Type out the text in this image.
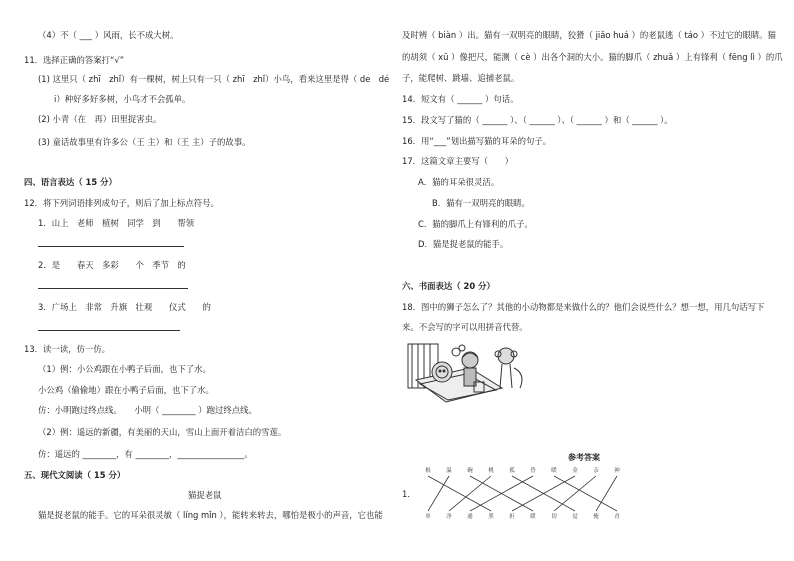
（4）不（ ___ ）风雨，长不成大树。
11．选择正确的答案打“√”
(1) 这里只（ zhī　zhǐ）有一棵树，树上只有一只（ zhī　zhǐ）小鸟，看来这里是得（ de　dé
i）种好多好多树，小鸟才不会孤单。
(2) 小青（在　再）田里捉害虫。
(3) 童话故事里有许多公（王 主）和（王 主）子的故事。
四、语言表达（ 15 分）
12．将下列词语排列成句子，则后了加上标点符号。
1．山上　老师　植树　同学　到　　帮领
2．是　　春天　多彩　　个　季节　的
3．广场上　非常　升旗　壮观　　仪式　　的
13．读一读，仿一仿。
（1）例：小公鸡跟在小鸭子后面，也下了水。
小公鸡（偷偷地）跟在小鸭子后面，也下了水。
仿：小明跑过终点线。　　小明（ ________ ）跑过终点线。
（2）例：遥远的新疆，有美丽的天山，雪山上面开着洁白的雪莲。
仿：遥远的 ________，有 ________，________________。
五、现代文阅读（ 15 分）
猫捉老鼠
猫是捉老鼠的能手。它的耳朵很灵敏（ líng mǐn ），能转来转去，哪怕是极小的声音，它也能
及时辨（ biàn ）出。猫有一双明亮的眼睛，狡猾（ jiǎo huá ）的老鼠逃（ táo ）不过它的眼睛。猫
的胡须（ xū ）像把尺，能测（ cè ）出各个洞的大小。猫的脚爪（ zhuǎ ）上有锋利（ fēng lì ）的爪
子，能爬树、跳墙、追捕老鼠。
14．短文有（ ______ ）句话。
15．段文写了猫的（ ______ ）、（ ______ ）、（ ______ ）和（ ______ ）。
16．用“___”划出描写猫的耳朵的句子。
17．这篇文章主要写（　　）
A．猫的耳朵很灵活。
B．猫有一双明亮的眼睛。
C．猫的脚爪上有锋利的爪子。
D．猫是捉老鼠的能手。
六、书面表达（ 20 分）
18．图中的狮子怎么了？其他的小动物都是来做什么的？他们会说些什么？想一想，用几句话写下
来。不会写的字可以用拼音代替。
参考答案
根	温	碗	桃	孤	昏	暖	金	亲	神
单	净	通	黑	折	暖	切	觉	掩	青
1．
